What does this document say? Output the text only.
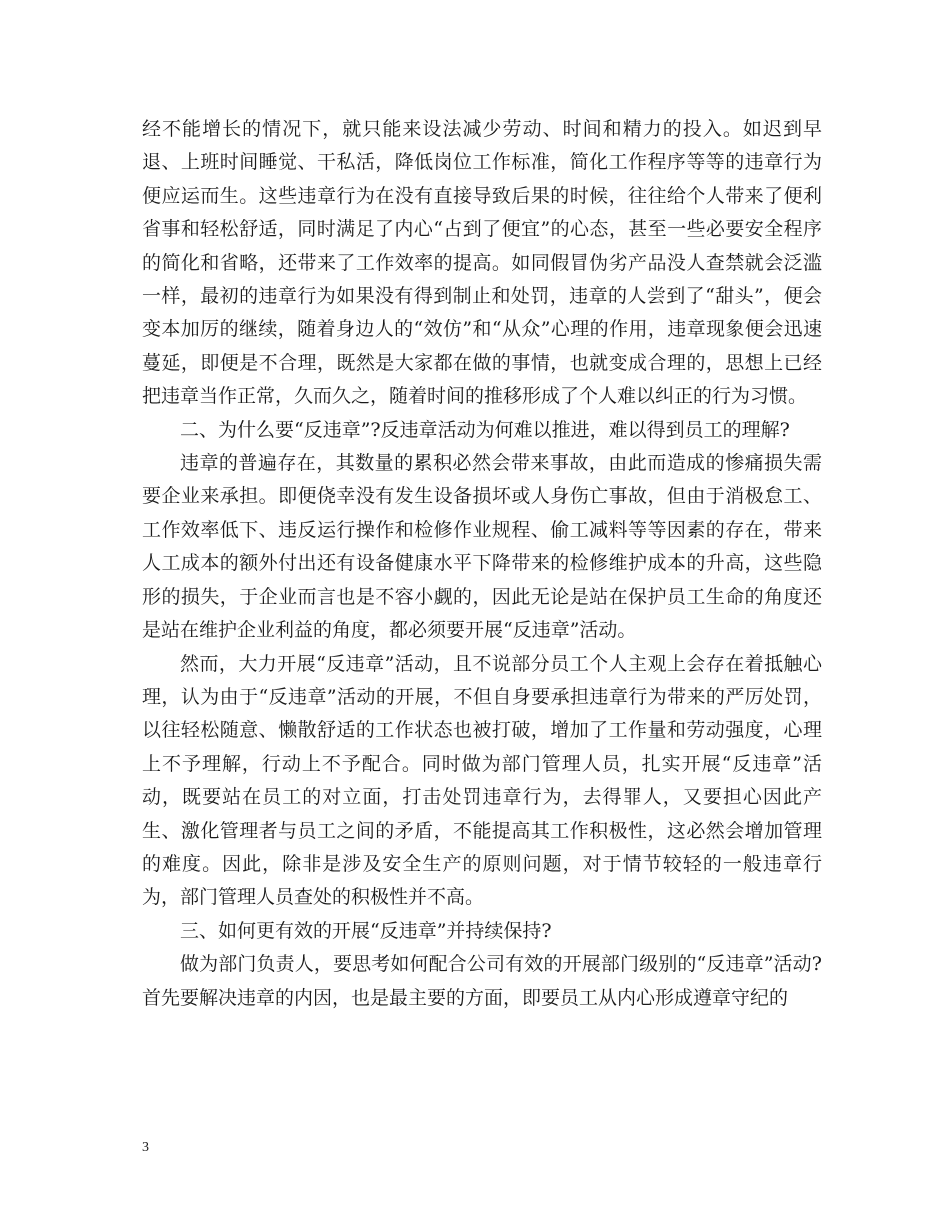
经不能增长的情况下，就只能来设法减少劳动、时间和精力的投入。如迟到早退、上班时间睡觉、干私活，降低岗位工作标准，简化工作程序等等的违章行为便应运而生。这些违章行为在没有直接导致后果的时候，往往给个人带来了便利省事和轻松舒适，同时满足了内心“占到了便宜”的心态，甚至一些必要安全程序的简化和省略，还带来了工作效率的提高。如同假冒伪劣产品没人查禁就会泛滥一样，最初的违章行为如果没有得到制止和处罚，违章的人尝到了“甜头”，便会变本加厉的继续，随着身边人的“效仿”和“从众”心理的作用，违章现象便会迅速蔓延，即便是不合理，既然是大家都在做的事情，也就变成合理的，思想上已经把违章当作正常，久而久之，随着时间的推移形成了个人难以纠正的行为习惯。

二、为什么要“反违章”?反违章活动为何难以推进，难以得到员工的理解?

违章的普遍存在，其数量的累积必然会带来事故，由此而造成的惨痛损失需要企业来承担。即便侥幸没有发生设备损坏或人身伤亡事故，但由于消极怠工、工作效率低下、违反运行操作和检修作业规程、偷工减料等等因素的存在，带来人工成本的额外付出还有设备健康水平下降带来的检修维护成本的升高，这些隐形的损失，于企业而言也是不容小觑的，因此无论是站在保护员工生命的角度还是站在维护企业利益的角度，都必须要开展“反违章”活动。

然而，大力开展“反违章”活动，且不说部分员工个人主观上会存在着抵触心理，认为由于“反违章”活动的开展，不但自身要承担违章行为带来的严厉处罚，以往轻松随意、懒散舒适的工作状态也被打破，增加了工作量和劳动强度，心理上不予理解，行动上不予配合。同时做为部门管理人员，扎实开展“反违章”活动，既要站在员工的对立面，打击处罚违章行为，去得罪人，又要担心因此产生、激化管理者与员工之间的矛盾，不能提高其工作积极性，这必然会增加管理的难度。因此，除非是涉及安全生产的原则问题，对于情节较轻的一般违章行为，部门管理人员查处的积极性并不高。

三、如何更有效的开展“反违章”并持续保持?

做为部门负责人，要思考如何配合公司有效的开展部门级别的“反违章”活动?首先要解决违章的内因，也是最主要的方面，即要员工从内心形成遵章守纪的

3
